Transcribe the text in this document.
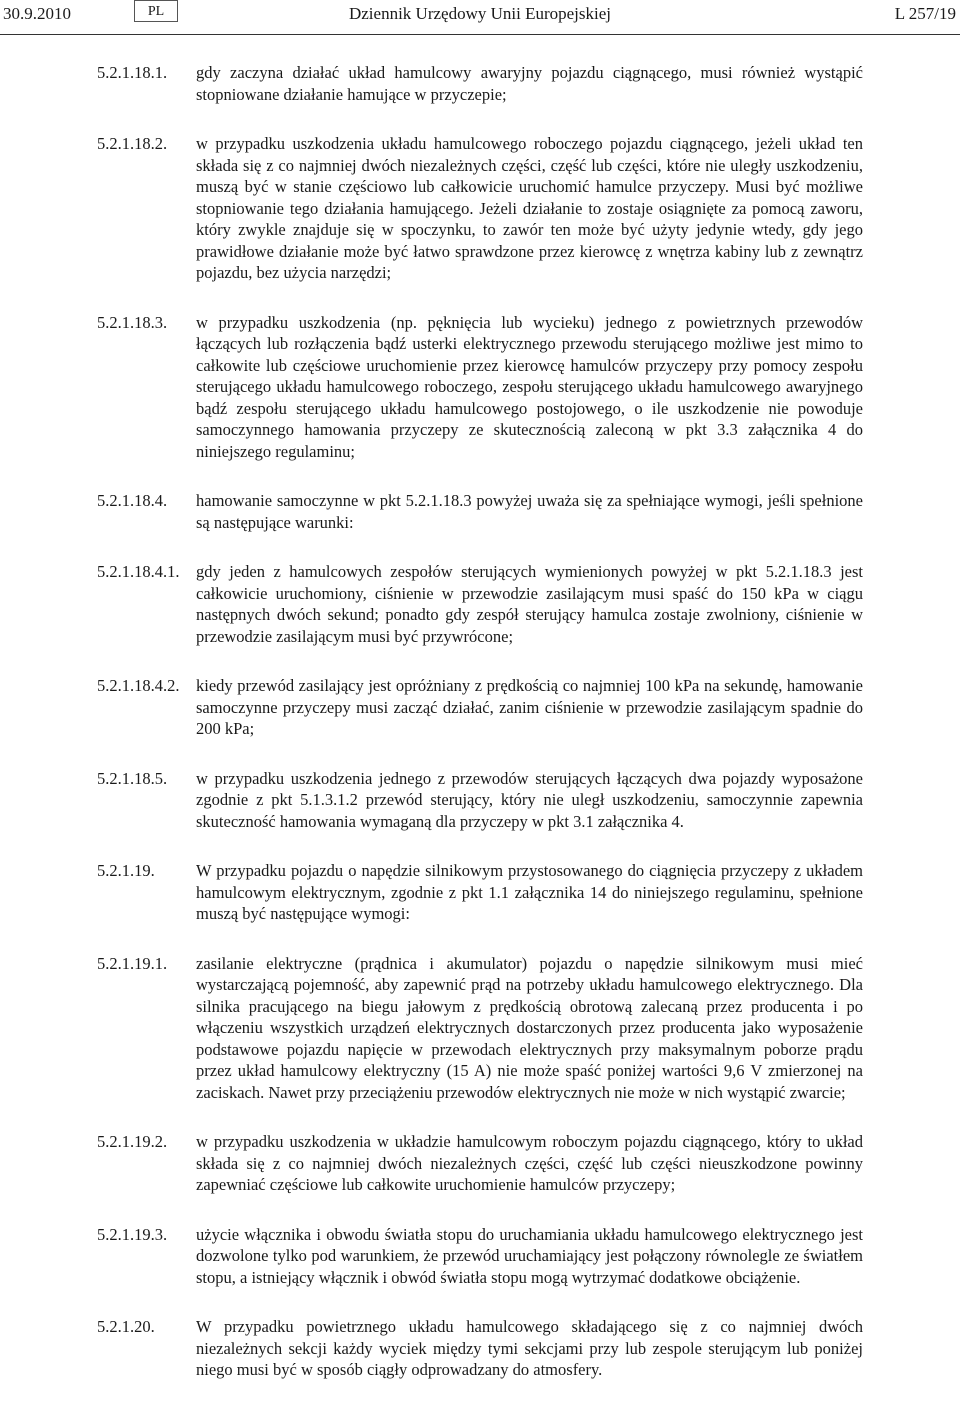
30.9.2010	PL	Dziennik Urzędowy Unii Europejskiej	L 257/19
5.2.1.18.1.	gdy zaczyna działać układ hamulcowy awaryjny pojazdu ciągnącego, musi również wystąpić stopniowane działanie hamujące w przyczepie;

5.2.1.18.2.	w przypadku uszkodzenia układu hamulcowego roboczego pojazdu ciągnącego, jeżeli układ ten składa się z co najmniej dwóch niezależnych części, część lub części, które nie uległy uszkodzeniu, muszą być w stanie częściowo lub całkowicie uruchomić hamulce przyczepy. Musi być możliwe stopniowanie tego działania hamującego. Jeżeli działanie to zostaje osiągnięte za pomocą zaworu, który zwykle znajduje się w spoczynku, to zawór ten może być użyty jedynie wtedy, gdy jego prawidłowe działanie może być łatwo sprawdzone przez kierowcę z wnętrza kabiny lub z zewnątrz pojazdu, bez użycia narzędzi;

5.2.1.18.3.	w przypadku uszkodzenia (np. pęknięcia lub wycieku) jednego z powietrznych przewodów łączących lub rozłączenia bądź usterki elektrycznego przewodu sterującego możliwe jest mimo to całkowite lub częściowe uruchomienie przez kierowcę hamulców przyczepy przy pomocy zespołu sterującego układu hamulcowego roboczego, zespołu sterującego układu hamulcowego awaryjnego bądź zespołu sterującego układu hamulcowego postojowego, o ile uszkodzenie nie powoduje samoczynnego hamowania przyczepy ze skutecznością zaleconą w pkt 3.3 załącznika 4 do niniejszego regulaminu;

5.2.1.18.4.	hamowanie samoczynne w pkt 5.2.1.18.3 powyżej uważa się za spełniające wymogi, jeśli spełnione są następujące warunki:

5.2.1.18.4.1.	gdy jeden z hamulcowych zespołów sterujących wymienionych powyżej w pkt 5.2.1.18.3 jest całkowicie uruchomiony, ciśnienie w przewodzie zasilającym musi spaść do 150 kPa w ciągu następnych dwóch sekund; ponadto gdy zespół sterujący hamulca zostaje zwolniony, ciśnienie w przewodzie zasilającym musi być przywrócone;

5.2.1.18.4.2.	kiedy przewód zasilający jest opróżniany z prędkością co najmniej 100 kPa na sekundę, hamowanie samoczynne przyczepy musi zacząć działać, zanim ciśnienie w przewodzie zasilającym spadnie do 200 kPa;

5.2.1.18.5.	w przypadku uszkodzenia jednego z przewodów sterujących łączących dwa pojazdy wyposażone zgodnie z pkt 5.1.3.1.2 przewód sterujący, który nie uległ uszkodzeniu, samoczynnie zapewnia skuteczność hamowania wymaganą dla przyczepy w pkt 3.1 załącznika 4.

5.2.1.19.	W przypadku pojazdu o napędzie silnikowym przystosowanego do ciągnięcia przyczepy z układem hamulcowym elektrycznym, zgodnie z pkt 1.1 załącznika 14 do niniejszego regulaminu, spełnione muszą być następujące wymogi:

5.2.1.19.1.	zasilanie elektryczne (prądnica i akumulator) pojazdu o napędzie silnikowym musi mieć wystarczającą pojemność, aby zapewnić prąd na potrzeby układu hamulcowego elektrycznego. Dla silnika pracującego na biegu jałowym z prędkością obrotową zalecaną przez producenta i po włączeniu wszystkich urządzeń elektrycznych dostarczonych przez producenta jako wyposażenie podstawowe pojazdu napięcie w przewodach elektrycznych przy maksymalnym poborze prądu przez układ hamulcowy elektryczny (15 A) nie może spaść poniżej wartości 9,6 V zmierzonej na zaciskach. Nawet przy przeciążeniu przewodów elektrycznych nie może w nich wystąpić zwarcie;

5.2.1.19.2.	w przypadku uszkodzenia w układzie hamulcowym roboczym pojazdu ciągnącego, który to układ składa się z co najmniej dwóch niezależnych części, część lub części nieuszkodzone powinny zapewniać częściowe lub całkowite uruchomienie hamulców przyczepy;

5.2.1.19.3.	użycie włącznika i obwodu światła stopu do uruchamiania układu hamulcowego elektrycznego jest dozwolone tylko pod warunkiem, że przewód uruchamiający jest połączony równolegle ze światłem stopu, a istniejący włącznik i obwód światła stopu mogą wytrzymać dodatkowe obciążenie.

5.2.1.20.	W przypadku powietrznego układu hamulcowego składającego się z co najmniej dwóch niezależnych sekcji każdy wyciek między tymi sekcjami przy lub zespole sterującym lub poniżej niego musi być w sposób ciągły odprowadzany do atmosfery.
